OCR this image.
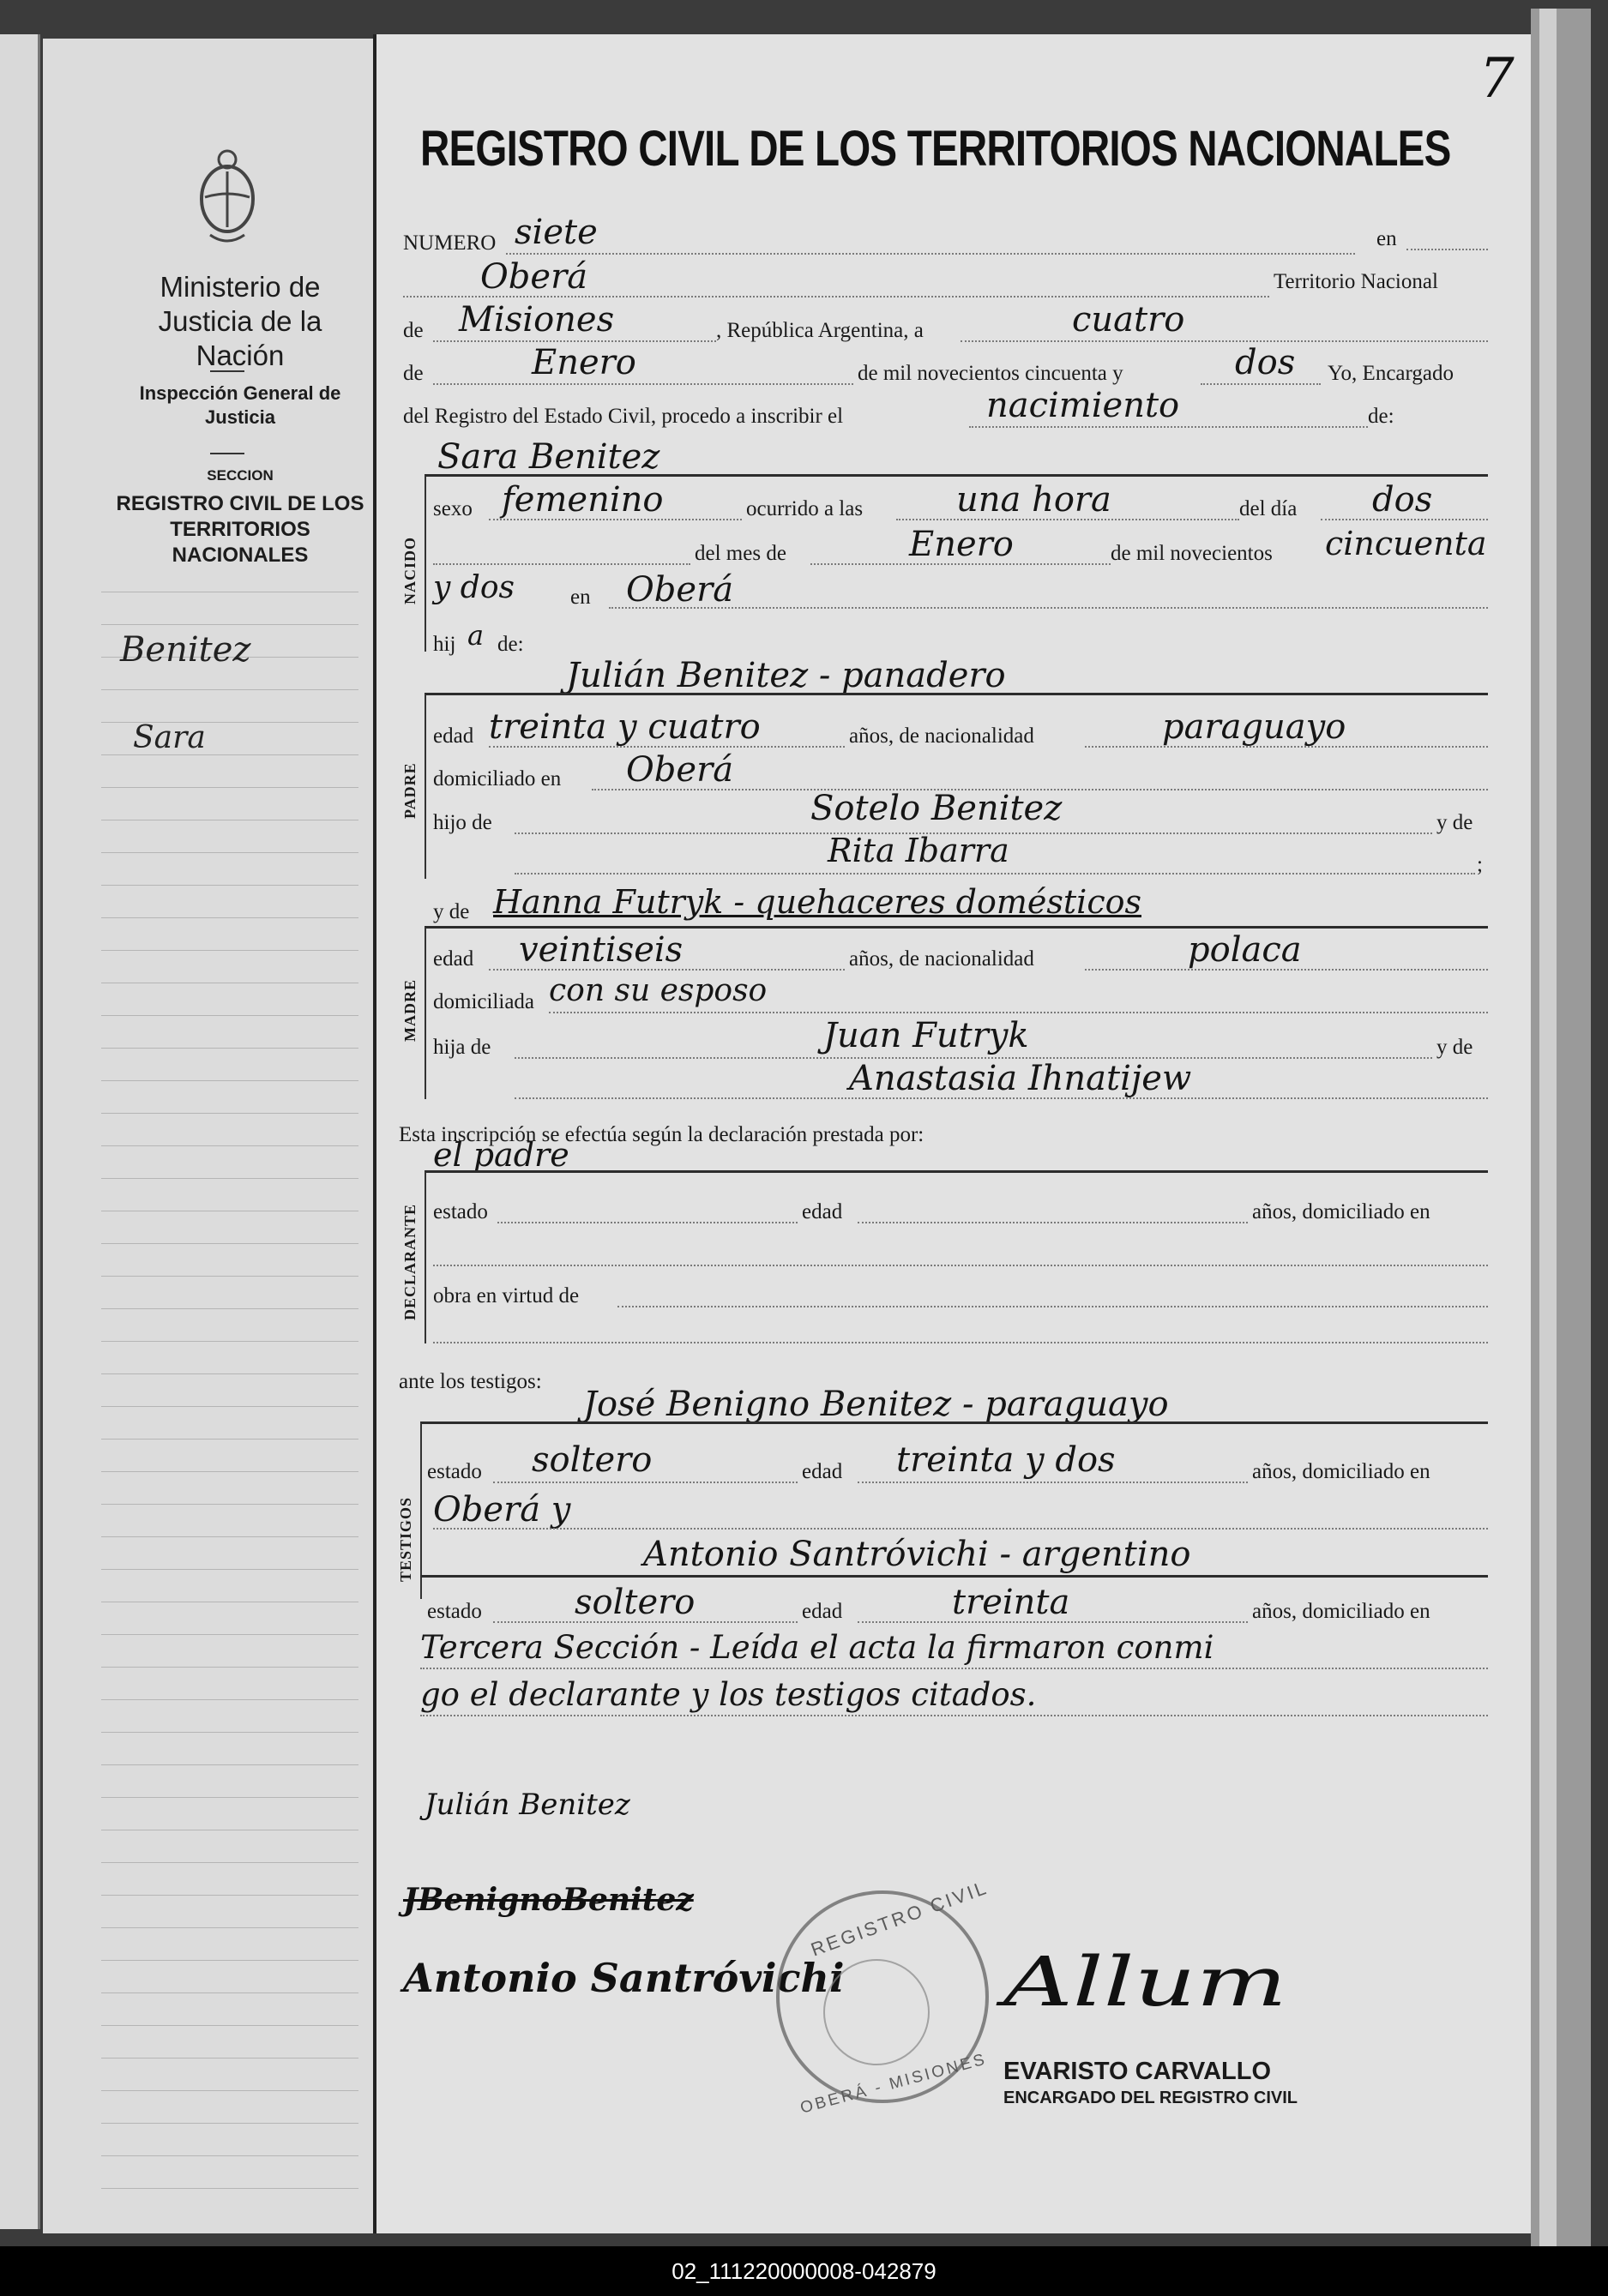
Ministerio de Justicia de la Nación
Inspección General de Justicia
SECCION
REGISTRO CIVIL DE LOS TERRITORIOS NACIONALES
Benitez
Sara
7
REGISTRO CIVIL DE LOS TERRITORIOS NACIONALES
NUMERO siete	en
Oberá	Territorio Nacional
de Misiones	, República Argentina, a	cuatro
de	Enero	de mil novecientos cincuenta y	dos Yo, Encargado
del Registro del Estado Civil, procedo a inscribir el	nacimiento	de:
Sara Benitez
NACIDO
sexo femenino	ocurrido a las	una hora	del día dos
del mes de	Enero	de mil novecientos cincuenta
y dos	en Oberá
hij a de:
Julián Benitez - panadero
PADRE
edad treinta y cuatro	años, de nacionalidad	paraguayo
domiciliado en Oberá
Sotelo Benitez
hijo de	y de
Rita Ibarra	;
y de Hanna Futryk - quehaceres domésticos
MADRE
edad veintiseis	años, de nacionalidad	polaca
domiciliada con su esposo
Juan Futryk
hija de	y de
Anastasia Ihnatijew
Esta inscripción se efectúa según la declaración prestada por:
el padre
DECLARANTE estado	edad	años, domiciliado en
obra en virtud de
ante los testigos:
José Benigno Benitez - paraguayo
TESTIGOS
estado soltero	edad treinta y dos	años, domiciliado en
Oberá y
Antonio Santróvichi - argentino
estado	soltero	edad	treinta	años, domiciliado en
Tercera Sección - Leída el acta la firmaron conmi
go el declarante y los testigos citados.
Julián Benitez
JBenignoBenitez
Antonio Santróvichi Allum
REGISTRO CIVIL
OBERÁ - MISIONES EVARISTO CARVALLO
ENCARGADO DEL REGISTRO CIVIL
02_111220000008-042879
